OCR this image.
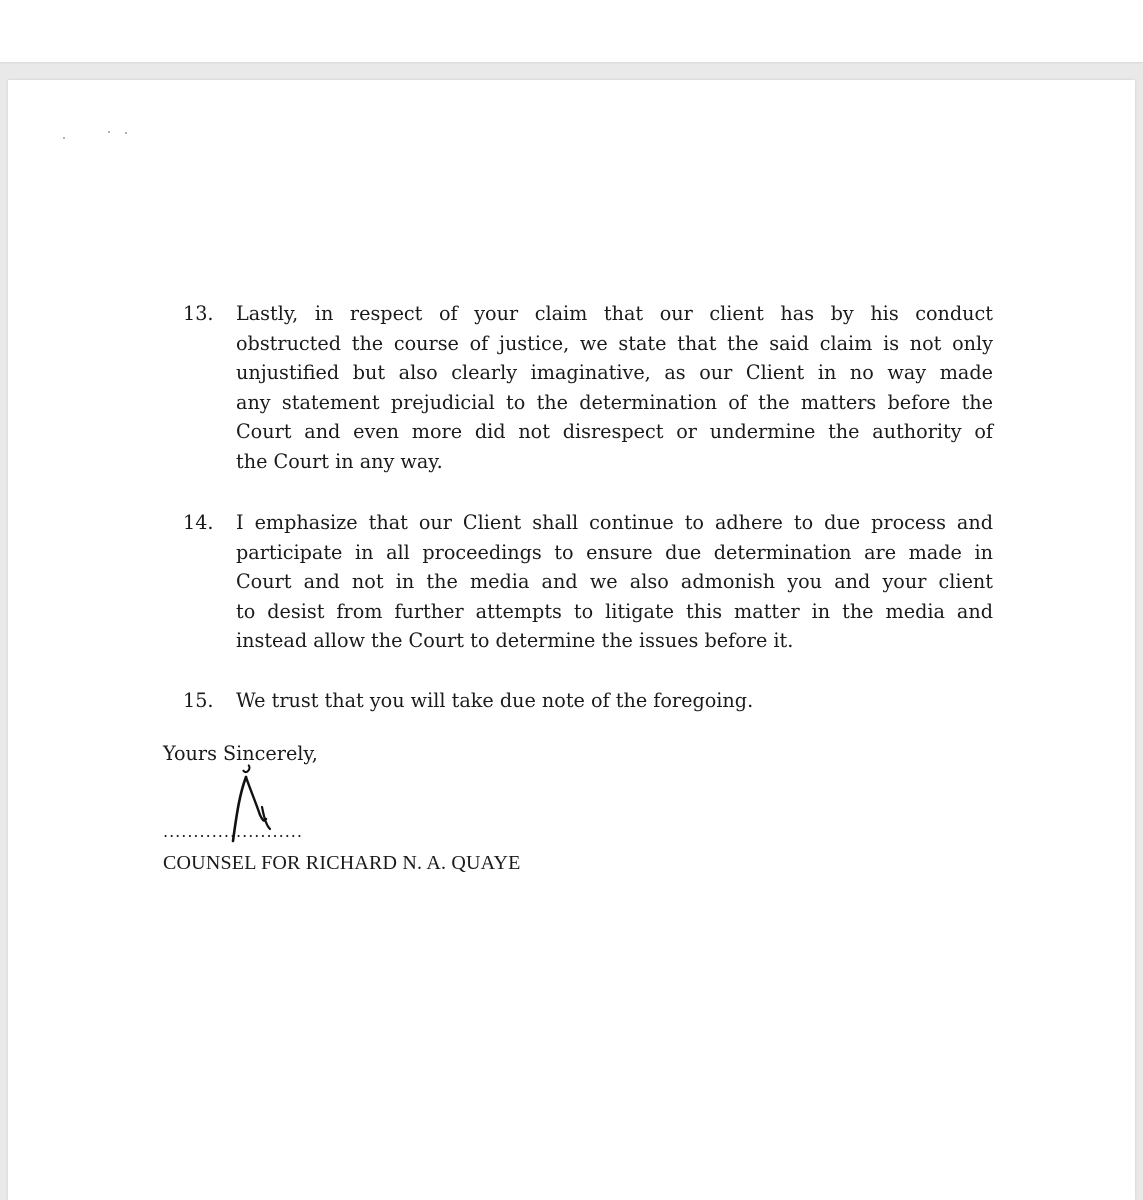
13. Lastly, in respect of your claim that our client has by his conduct
obstructed the course of justice, we state that the said claim is not only
unjustified but also clearly imaginative, as our Client in no way made
any statement prejudicial to the determination of the matters before the
Court and even more did not disrespect or undermine the authority of
the Court in any way.
14. I emphasize that our Client shall continue to adhere to due process and
participate in all proceedings to ensure due determination are made in
Court and not in the media and we also admonish you and your client
to desist from further attempts to litigate this matter in the media and
instead allow the Court to determine the issues before it.
15. We trust that you will take due note of the foregoing.
Yours Sincerely,
.......................
COUNSEL FOR RICHARD N. A. QUAYE
